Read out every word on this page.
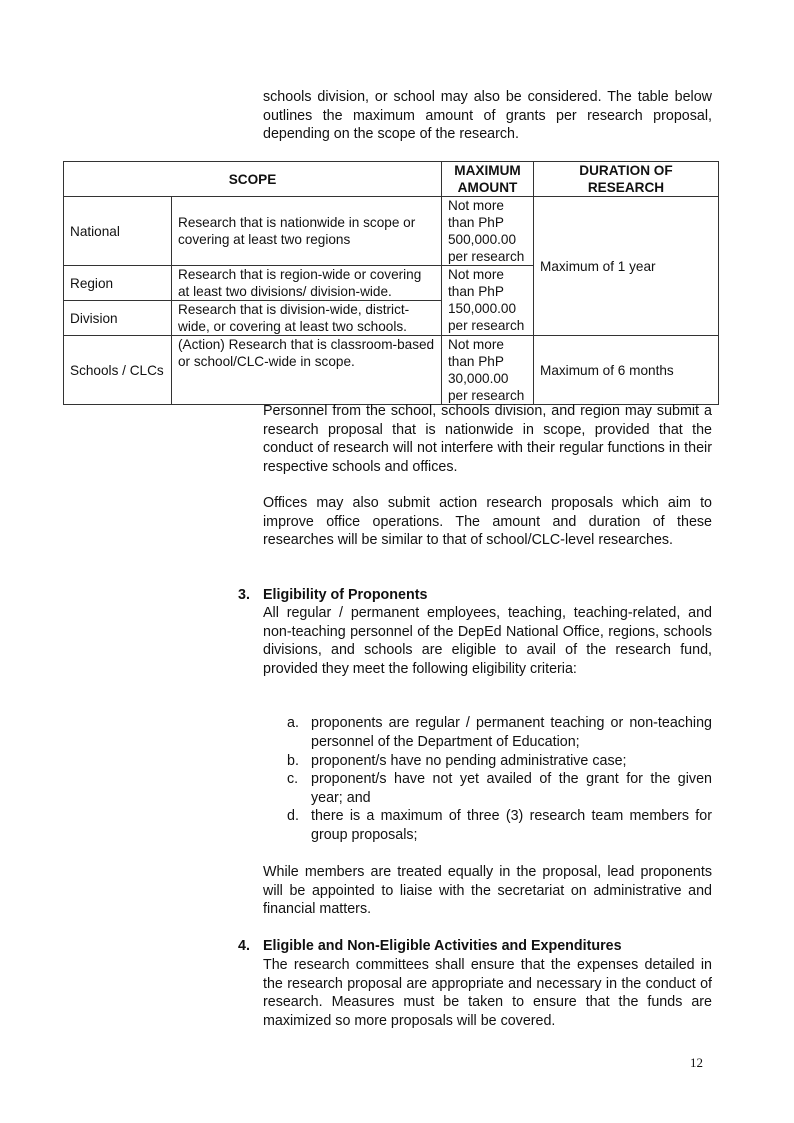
schools division, or school may also be considered. The table below outlines the maximum amount of grants per research proposal, depending on the scope of the research.

SCOPE		MAXIMUM AMOUNT	DURATION OF RESEARCH
National	Research that is nationwide in scope or covering at least two regions	Not more than PhP 500,000.00 per research	Maximum of 1 year
Region	Research that is region-wide or covering at least two divisions/ division-wide.	Not more than PhP 150,000.00 per research	
Division	Research that is division-wide, district-wide, or covering at least two schools.		
Schools / CLCs	(Action) Research that is classroom-based or school/CLC-wide in scope.	Not more than PhP 30,000.00 per research	Maximum of 6 months

Personnel from the school, schools division, and region may submit a research proposal that is nationwide in scope, provided that the conduct of research will not interfere with their regular functions in their respective schools and offices.

Offices may also submit action research proposals which aim to improve office operations. The amount and duration of these researches will be similar to that of school/CLC-level researches.

3. Eligibility of Proponents

All regular / permanent employees, teaching, teaching-related, and non-teaching personnel of the DepEd National Office, regions, schools divisions, and schools are eligible to avail of the research fund, provided they meet the following eligibility criteria:

a. proponents are regular / permanent teaching or non-teaching personnel of the Department of Education;
b. proponent/s have no pending administrative case;
c. proponent/s have not yet availed of the grant for the given year; and
d. there is a maximum of three (3) research team members for group proposals;

While members are treated equally in the proposal, lead proponents will be appointed to liaise with the secretariat on administrative and financial matters.

4. Eligible and Non-Eligible Activities and Expenditures

The research committees shall ensure that the expenses detailed in the research proposal are appropriate and necessary in the conduct of research. Measures must be taken to ensure that the funds are maximized so more proposals will be covered.

12
